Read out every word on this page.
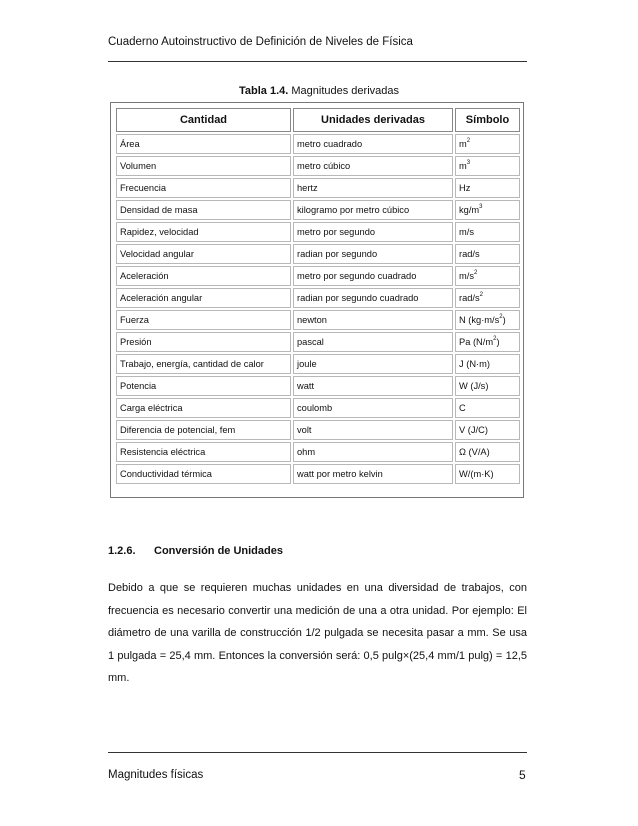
Cuaderno Autoinstructivo de Definición de Niveles de Física
Tabla 1.4. Magnitudes derivadas
Cantidad	Unidades derivadas	Símbolo
Área	metro cuadrado	$m^2$
Volumen	metro cúbico	$m^3$
Frecuencia	hertz	Hz
Densidad de masa	kilogramo por metro cúbico	$kg/m^3$
Rapidez, velocidad	metro por segundo	m/s
Velocidad angular	radian por segundo	rad/s
Aceleración	metro por segundo cuadrado	$m/s^2$
Aceleración angular	radian por segundo cuadrado	rad/$s^2$
Fuerza	newton	N $(kg\cdot m/s^2)$
Presión	pascal	Pa $(N/m^2)$
Trabajo, energía, cantidad de calor	joule	J (N·m)
Potencia	watt	W (J/s)
Carga eléctrica	coulomb	C
Diferencia de potencial, fem	volt	V (J/C)
Resistencia eléctrica	ohm	Ω (V/A)
Conductividad térmica	watt por metro kelvin	W/(m·K)
1.2.6. Conversión de Unidades

Debido a que se requieren muchas unidades en una diversidad de trabajos, con frecuencia es necesario convertir una medición de una a otra unidad. Por ejemplo: El diámetro de una varilla de construcción 1/2 pulgada se necesita pasar a mm. Se usa 1 pulgada = 25,4 mm. Entonces la conversión será: 0,5 pulg×(25,4 mm/1 pulg) = 12,5 mm.

Magnitudes físicas	5
